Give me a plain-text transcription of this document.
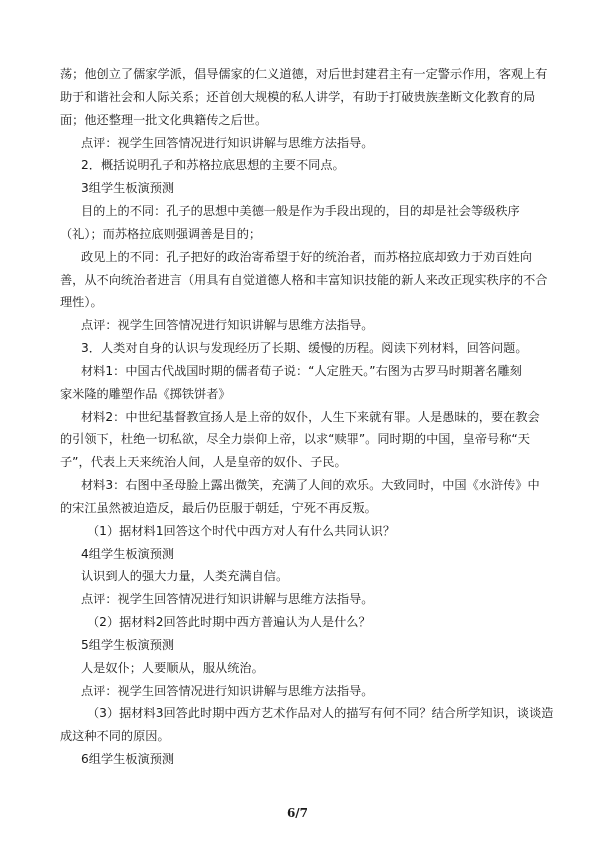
荡；他创立了儒家学派，倡导儒家的仁义道德，对后世封建君主有一定警示作用，客观上有
助于和谐社会和人际关系；还首创大规模的私人讲学，有助于打破贵族垄断文化教育的局
面；他还整理一批文化典籍传之后世。
点评：视学生回答情况进行知识讲解与思维方法指导。
2．概括说明孔子和苏格拉底思想的主要不同点。
3组学生板演预测
目的上的不同：孔子的思想中美德一般是作为手段出现的，目的却是社会等级秩序
（礼）；而苏格拉底则强调善是目的；
政见上的不同：孔子把好的政治寄希望于好的统治者，而苏格拉底却致力于劝百姓向
善，从不向统治者进言（用具有自觉道德人格和丰富知识技能的新人来改正现实秩序的不合
理性）。
点评：视学生回答情况进行知识讲解与思维方法指导。
3．人类对自身的认识与发现经历了长期、缓慢的历程。阅读下列材料，回答问题。
材料1：中国古代战国时期的儒者荀子说：“人定胜天。”右图为古罗马时期著名雕刻
家米隆的雕塑作品《掷铁饼者》
材料2：中世纪基督教宣扬人是上帝的奴仆，人生下来就有罪。人是愚昧的，要在教会
的引领下，杜绝一切私欲，尽全力崇仰上帝，以求“赎罪”。同时期的中国，皇帝号称“天
子”，代表上天来统治人间，人是皇帝的奴仆、子民。
材料3：右图中圣母脸上露出微笑，充满了人间的欢乐。大致同时，中国《水浒传》中
的宋江虽然被迫造反，最后仍臣服于朝廷，宁死不再反叛。
（1）据材料1回答这个时代中西方对人有什么共同认识？
4组学生板演预测
认识到人的强大力量，人类充满自信。
点评：视学生回答情况进行知识讲解与思维方法指导。
（2）据材料2回答此时期中西方普遍认为人是什么？
5组学生板演预测
人是奴仆；人要顺从，服从统治。
点评：视学生回答情况进行知识讲解与思维方法指导。
（3）据材料3回答此时期中西方艺术作品对人的描写有何不同？结合所学知识，谈谈造
成这种不同的原因。
6组学生板演预测
6/7
